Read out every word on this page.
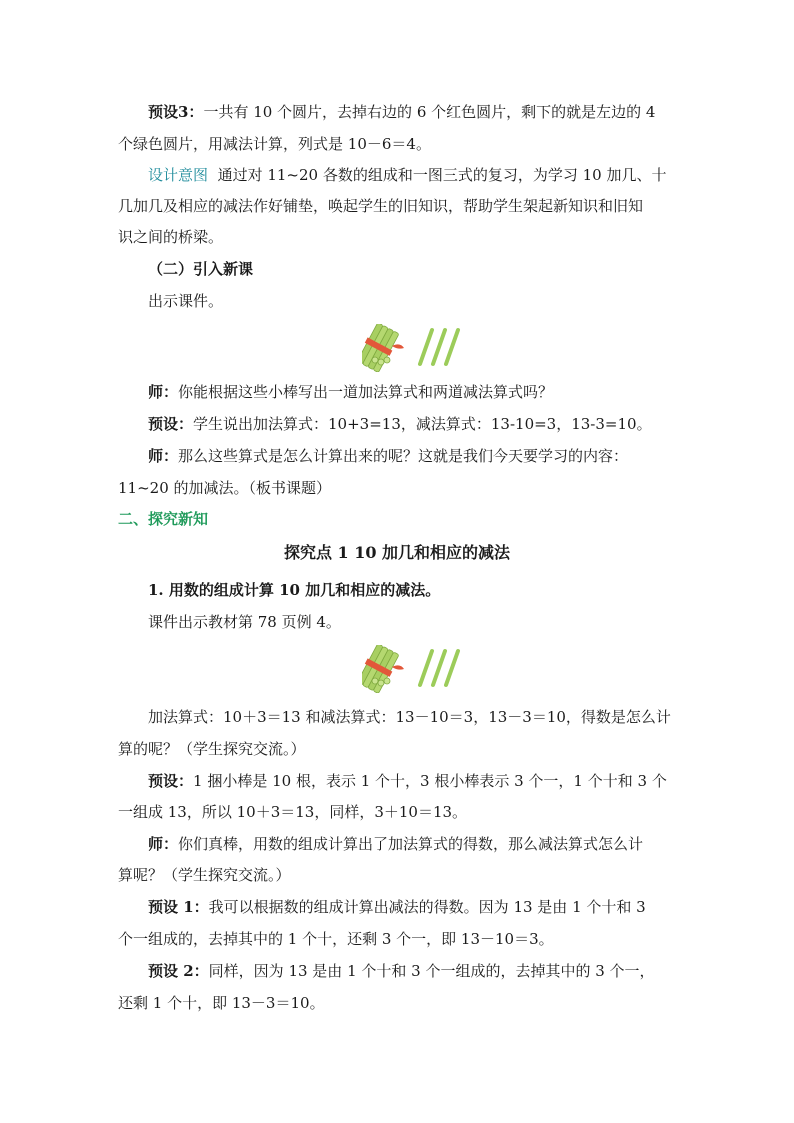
预设3：一共有 10 个圆片，去掉右边的 6 个红色圆片，剩下的就是左边的 4
个绿色圆片，用减法计算，列式是 10－6＝4。
设计意图 通过对 11~20 各数的组成和一图三式的复习，为学习 10 加几、十
几加几及相应的减法作好铺垫，唤起学生的旧知识，帮助学生架起新知识和旧知
识之间的桥梁。
（二）引入新课
出示课件。
师：你能根据这些小棒写出一道加法算式和两道减法算式吗？
预设：学生说出加法算式：10+3=13，减法算式：13-10=3，13-3=10。
师：那么这些算式是怎么计算出来的呢？这就是我们今天要学习的内容：
11~20 的加减法。（板书课题）
二、探究新知
探究点 1 10 加几和相应的减法
1. 用数的组成计算 10 加几和相应的减法。
课件出示教材第 78 页例 4。
加法算式：10＋3＝13 和减法算式：13－10＝3，13－3＝10，得数是怎么计
算的呢？（学生探究交流。）
预设：1 捆小棒是 10 根，表示 1 个十，3 根小棒表示 3 个一，1 个十和 3 个
一组成 13，所以 10＋3＝13，同样，3＋10＝13。
师：你们真棒，用数的组成计算出了加法算式的得数，那么减法算式怎么计
算呢？（学生探究交流。）
预设 1：我可以根据数的组成计算出减法的得数。因为 13 是由 1 个十和 3
个一组成的，去掉其中的 1 个十，还剩 3 个一，即 13－10＝3。
预设 2：同样，因为 13 是由 1 个十和 3 个一组成的，去掉其中的 3 个一，
还剩 1 个十，即 13－3＝10。
